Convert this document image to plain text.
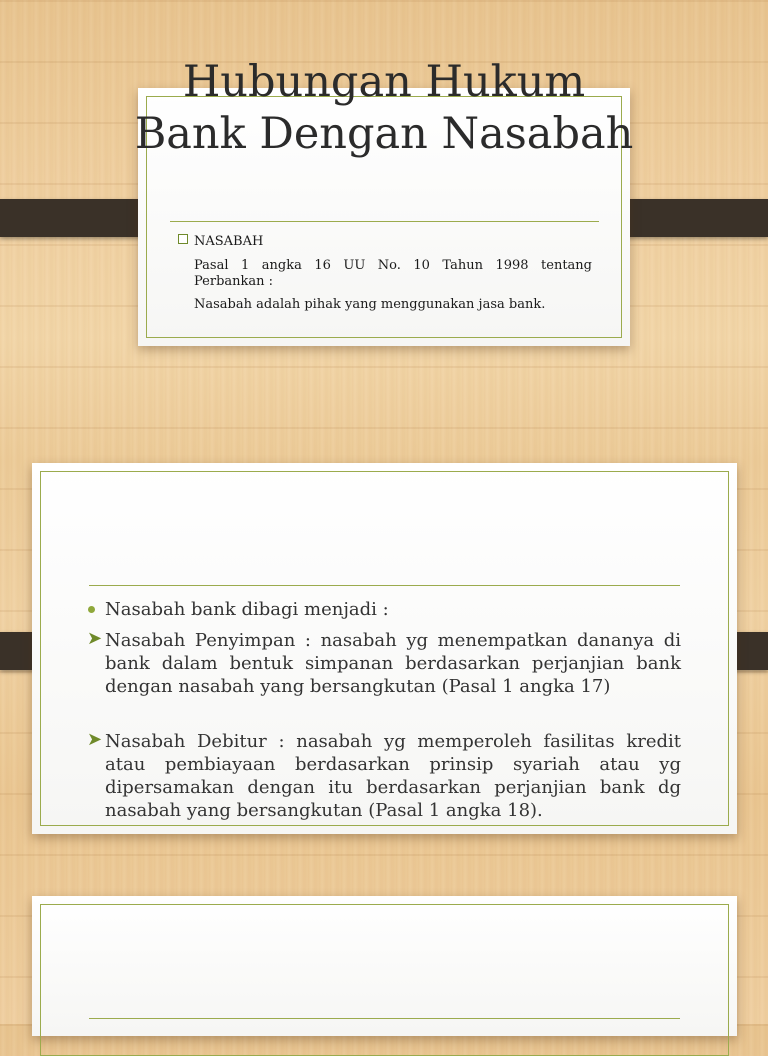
NASABAH
Pasal 1 angka 16 UU No. 10 Tahun 1998 tentang
Perbankan :
Nasabah adalah pihak yang menggunakan jasa bank.
Hubungan Hukum Bank Dengan Nasabah
Nasabah bank dibagi menjadi :
➤ Nasabah Penyimpan : nasabah yg menempatkan dananya di bank dalam bentuk simpanan berdasarkan perjanjian bank dengan nasabah yang bersangkutan (Pasal 1 angka 17)
➤ Nasabah Debitur : nasabah yg memperoleh fasilitas kredit atau pembiayaan berdasarkan prinsip syariah atau yg dipersamakan dengan itu berdasarkan perjanjian bank dg nasabah yang bersangkutan (Pasal 1 angka 18).
